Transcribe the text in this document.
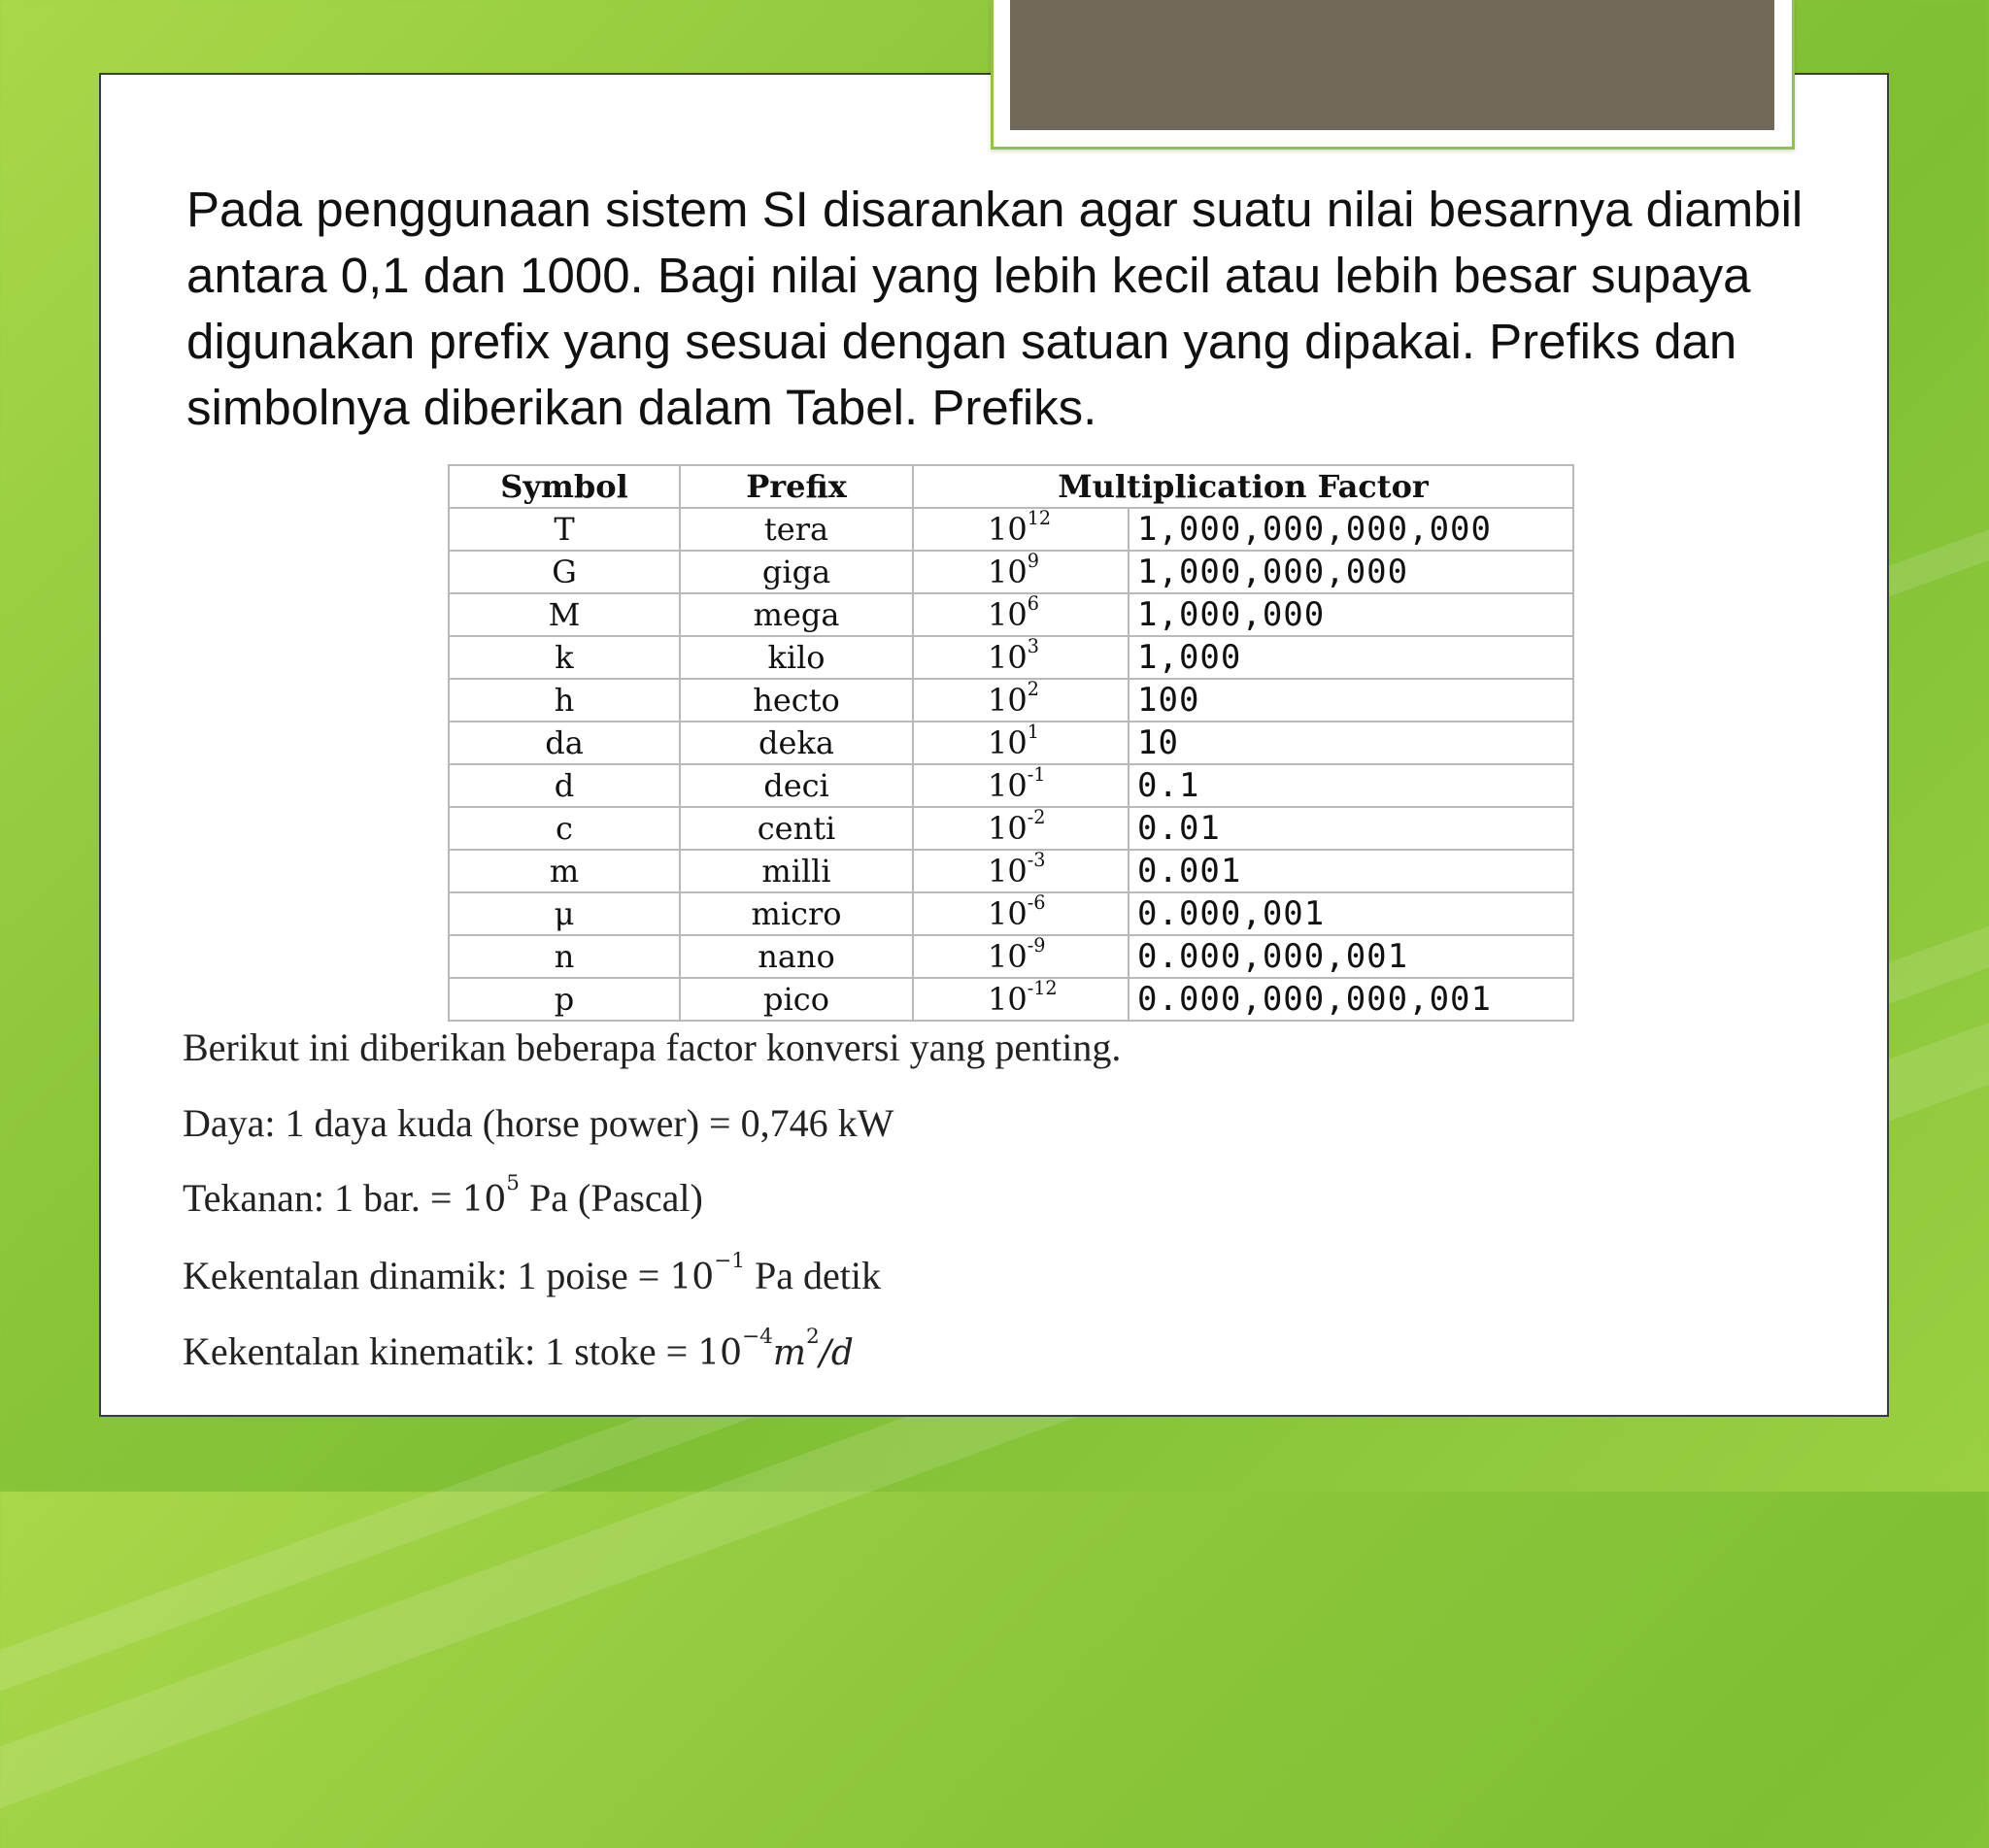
Pada penggunaan sistem SI disarankan agar suatu nilai besarnya diambil antara 0,1 dan 1000. Bagi nilai yang lebih kecil atau lebih besar supaya digunakan prefix yang sesuai dengan satuan yang dipakai. Prefiks dan simbolnya diberikan dalam Tabel. Prefiks.
Symbol	Prefix	Multiplication Factor	
T	tera	$10^{12}$	1,000,000,000,000
G	giga	$10^9$	1,000,000,000
M	mega	$10^6$	1,000,000
k	kilo	$10^3$	1,000
h	hecto	$10^2$	100
da	deka	$10^1$	10
d	deci	$10^{-1}$	0.1
c	centi	$10^{-2}$	0.01
m	milli	$10^{-3}$	0.001
μ	micro	$10^{-6}$	0.000,001
n	nano	$10^{-9}$	0.000,000,001
p	pico	$10^{-12}$	0.000,000,000,001
Berikut ini diberikan beberapa factor konversi yang penting.
Daya: 1 daya kuda (horse power) = 0,746 kW
Tekanan: 1 bar. = $10^5$ Pa (Pascal)
Kekentalan dinamik: 1 poise = $10^{-1}$ Pa detik
Kekentalan kinematik: 1 stoke = $10^{-4}m^2/d$
